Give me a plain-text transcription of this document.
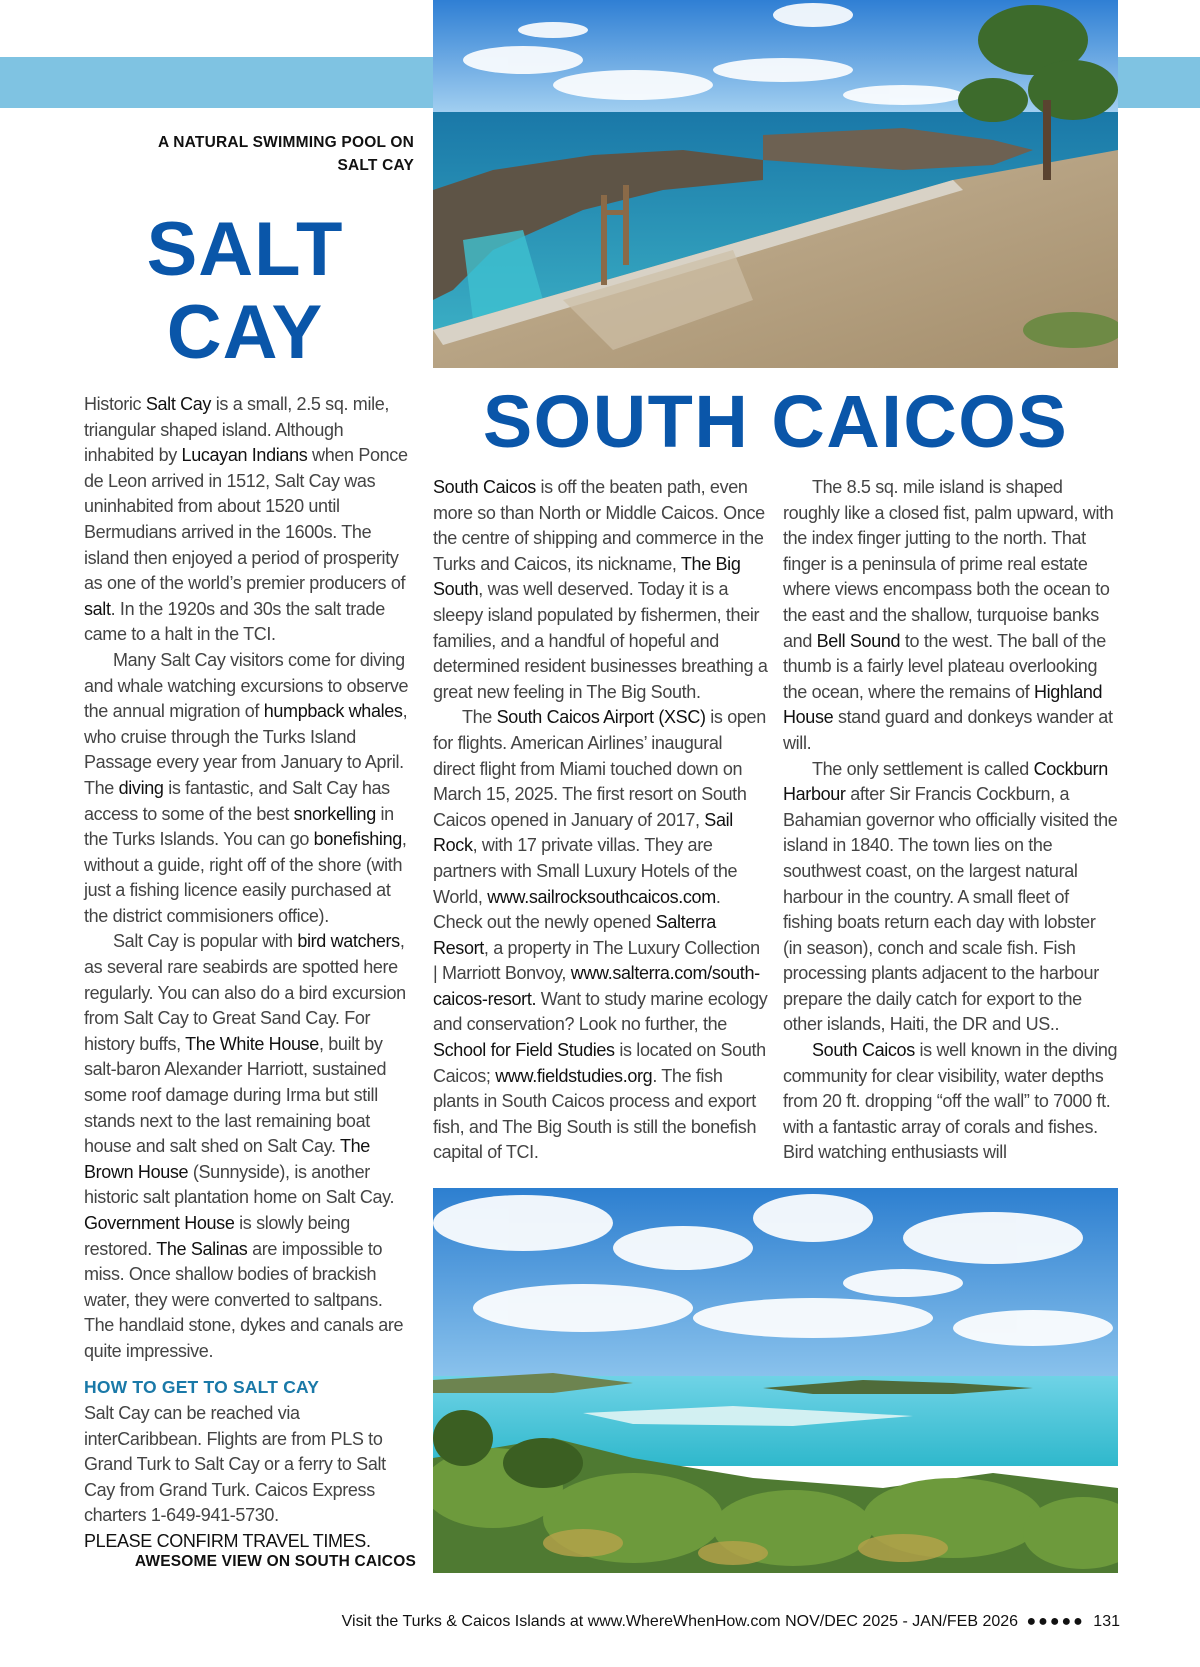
A NATURAL SWIMMING POOL ON SALT CAY
SALT CAY
SOUTH CAICOS

Historic Salt Cay is a small, 2.5 sq. mile, triangular shaped island. Although inhabited by Lucayan Indians when Ponce de Leon arrived in 1512, Salt Cay was uninhabited from about 1520 until Bermudians arrived in the 1600s. The island then enjoyed a period of prosperity as one of the world’s premier producers of salt. In the 1920s and 30s the salt trade came to a halt in the TCI.

Many Salt Cay visitors come for diving and whale watching excursions to observe the annual migration of humpback whales, who cruise through the Turks Island Passage every year from January to April. The diving is fantastic, and Salt Cay has access to some of the best snorkelling in the Turks Islands. You can go bonefishing, without a guide, right off of the shore (with just a fishing licence easily purchased at the district commisioners office).

Salt Cay is popular with bird watchers, as several rare seabirds are spotted here regularly. You can also do a bird excursion from Salt Cay to Great Sand Cay. For history buffs, The White House, built by salt-baron Alexander Harriott, sustained some roof damage during Irma but still stands next to the last remaining boat house and salt shed on Salt Cay. The Brown House (Sunnyside), is another historic salt plantation home on Salt Cay. Government House is slowly being restored. The Salinas are impossible to miss. Once shallow bodies of brackish water, they were converted to saltpans. The handlaid stone, dykes and canals are quite impressive.

HOW TO GET TO SALT CAY

Salt Cay can be reached via interCaribbean. Flights are from PLS to Grand Turk to Salt Cay or a ferry to Salt Cay from Grand Turk. Caicos Express charters 1-649-941-5730.

PLEASE CONFIRM TRAVEL TIMES.

South Caicos is off the beaten path, even more so than North or Middle Caicos. Once the centre of shipping and commerce in the Turks and Caicos, its nickname, The Big South, was well deserved. Today it is a sleepy island populated by fishermen, their families, and a handful of hopeful and determined resident businesses breathing a great new feeling in The Big South.

The South Caicos Airport (XSC) is open for flights. American Airlines’ inaugural direct flight from Miami touched down on March 15, 2025. The first resort on South Caicos opened in January of 2017, Sail Rock, with 17 private villas. They are partners with Small Luxury Hotels of the World, www.sailrocksouthcaicos.com. Check out the newly opened Salterra Resort, a property in The Luxury Collection | Marriott Bonvoy, www.salterra.com/south-caicos-resort. Want to study marine ecology and conservation? Look no further, the School for Field Studies is located on South Caicos; www.fieldstudies.org. The fish plants in South Caicos process and export fish, and The Big South is still the bonefish capital of TCI.

The 8.5 sq. mile island is shaped roughly like a closed fist, palm upward, with the index finger jutting to the north. That finger is a peninsula of prime real estate where views encompass both the ocean to the east and the shallow, turquoise banks and Bell Sound to the west. The ball of the thumb is a fairly level plateau overlooking the ocean, where the remains of Highland House stand guard and donkeys wander at will.

The only settlement is called Cockburn Harbour after Sir Francis Cockburn, a Bahamian governor who officially visited the island in 1840. The town lies on the southwest coast, on the largest natural harbour in the country. A small fleet of fishing boats return each day with lobster (in season), conch and scale fish. Fish processing plants adjacent to the harbour prepare the daily catch for export to the other islands, Haiti, the DR and US..

South Caicos is well known in the diving community for clear visibility, water depths from 20 ft. dropping “off the wall” to 7000 ft. with a fantastic array of corals and fishes. Bird watching enthusiasts will

AWESOME VIEW ON SOUTH CAICOS
Visit the Turks & Caicos Islands at www.WhereWhenHow.com NOV/DEC 2025 - JAN/FEB 2026 ●●●●● 131
